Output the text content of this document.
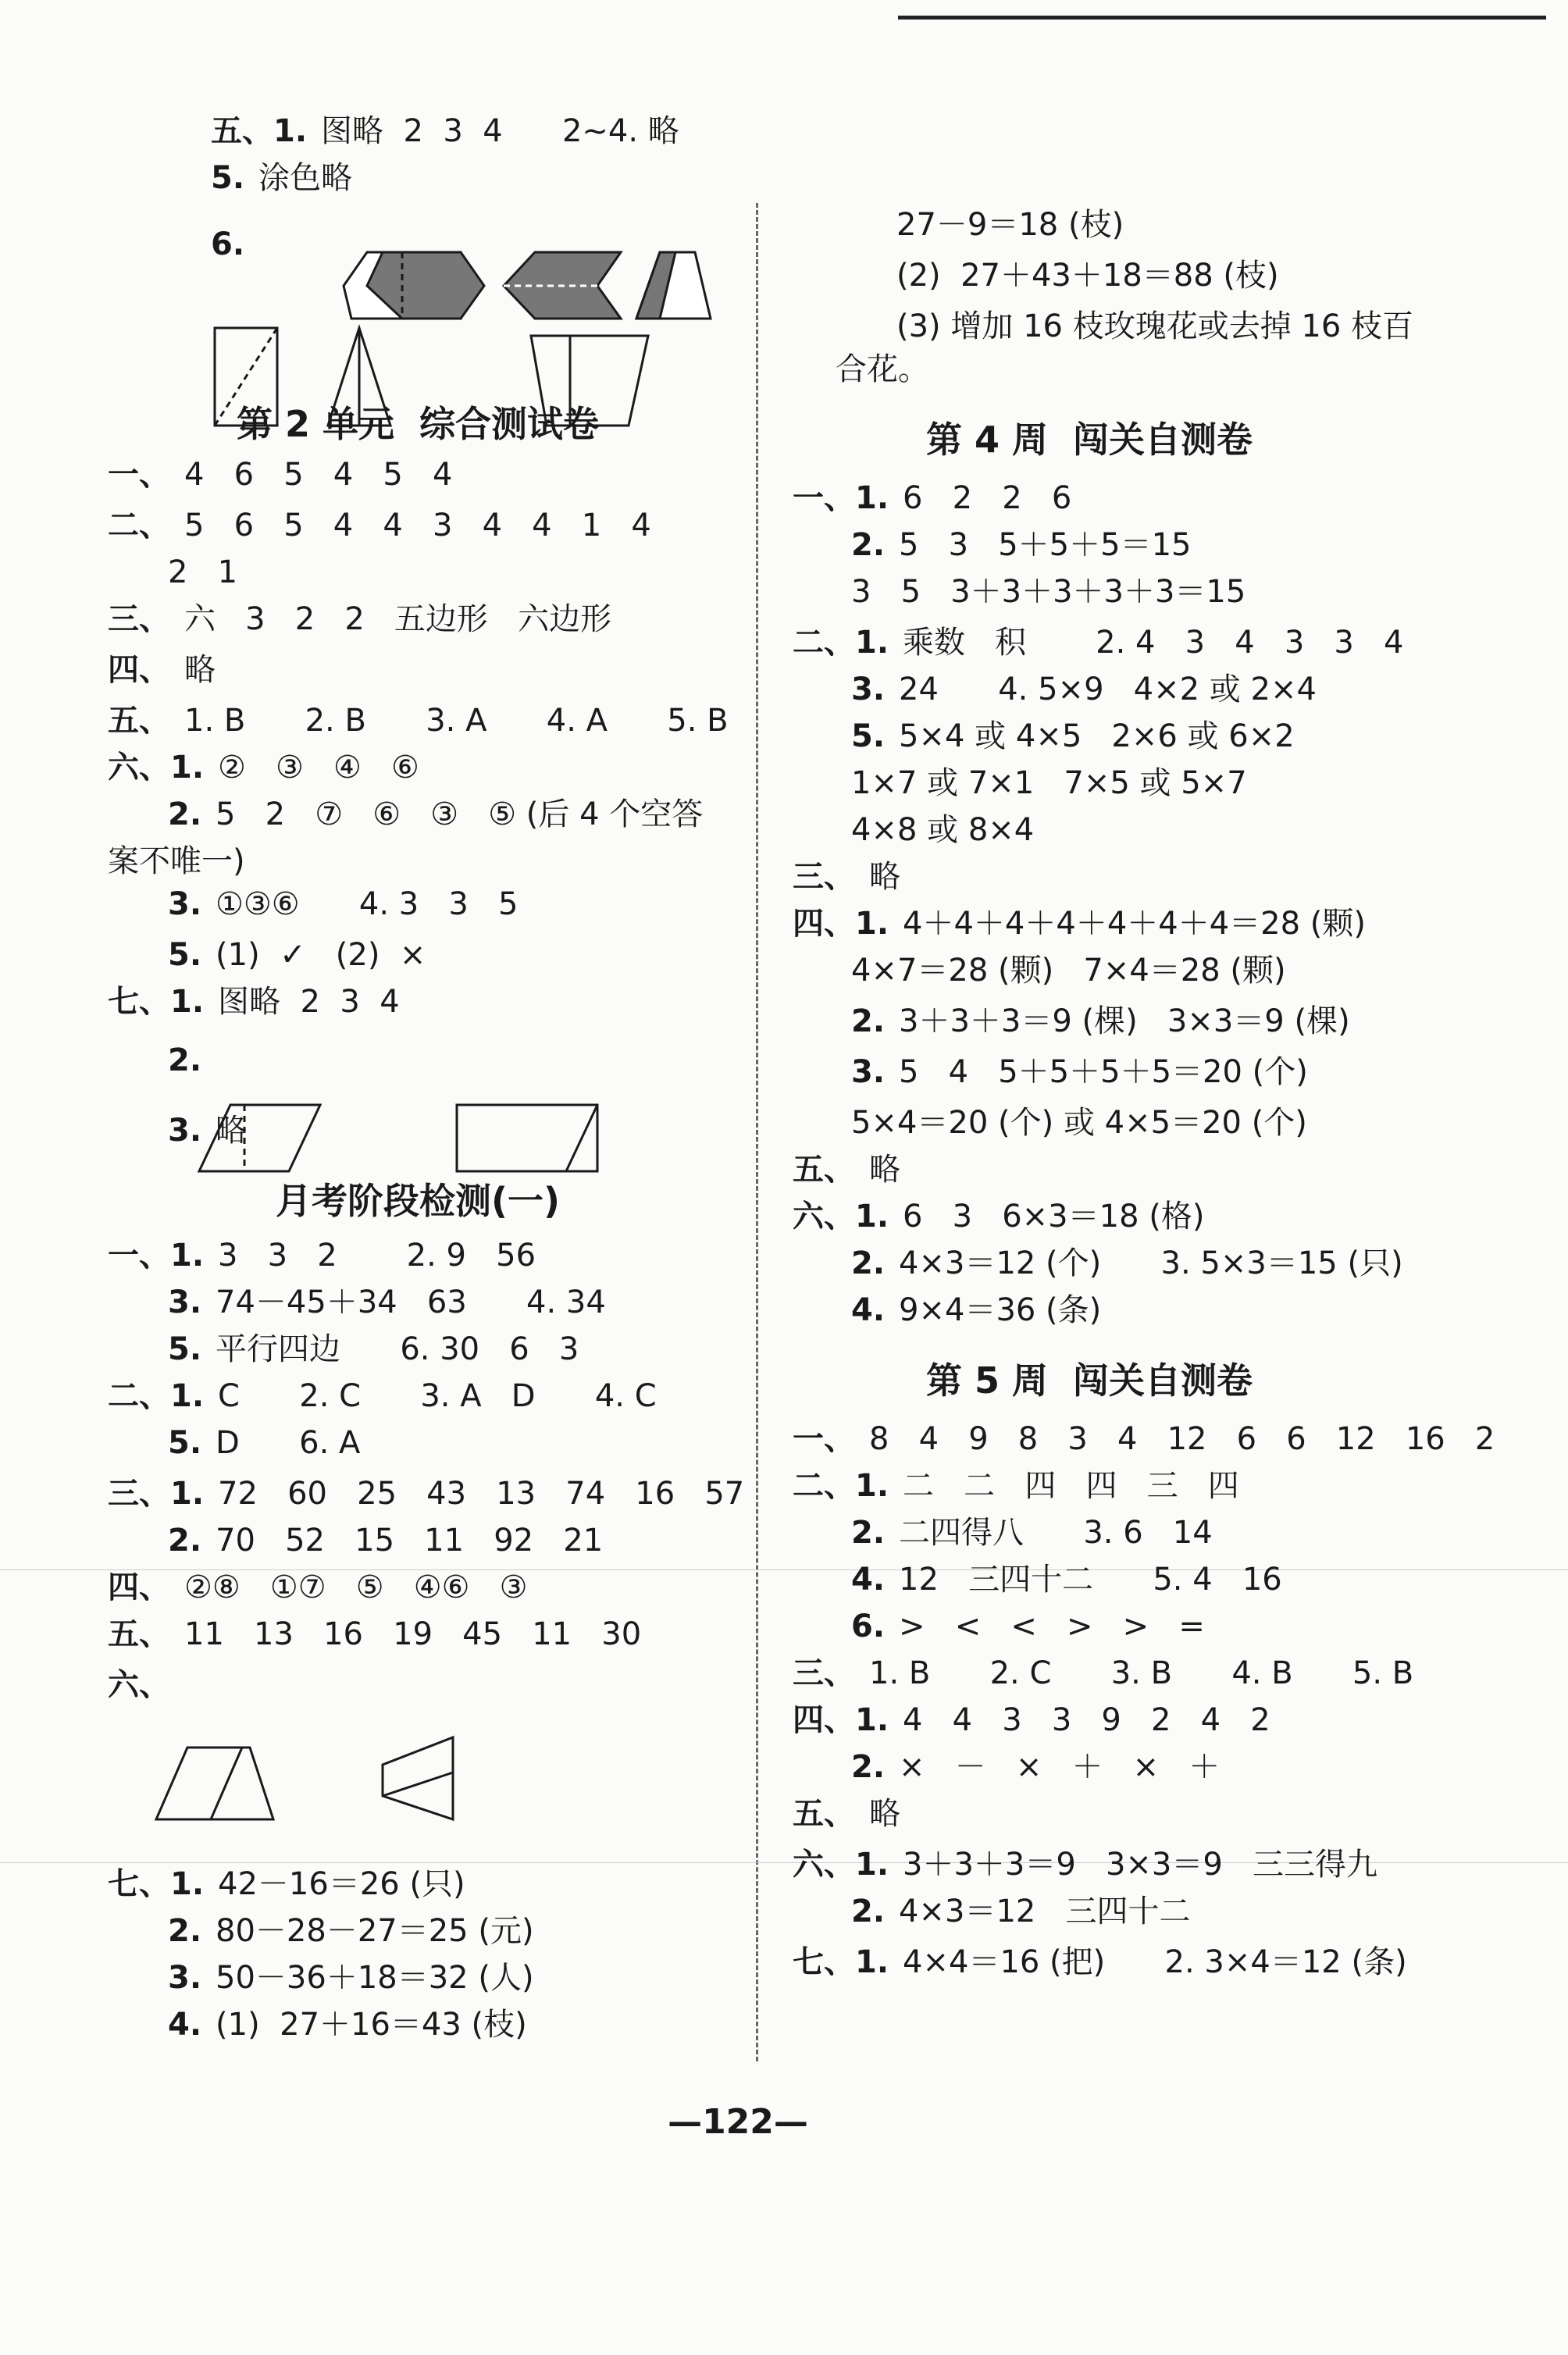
五、1. 图略  2  3  4      2~4. 略
5. 涂色略
6.
第 2 单元  综合测试卷
一、 4   6   5   4   5   4
二、 5   6   5   4   4   3   4   4   1   4
2   1
三、 六   3   2   2   五边形   六边形
四、 略
五、 1. B      2. B      3. A      4. A      5. B
六、1. ②   ③   ④   ⑥
2. 5   2   ⑦   ⑥   ③   ⑤ (后 4 个空答
案不唯一)
3. ①③⑥      4. 3   3   5
5. (1)  ✓   (2)  ×
七、1. 图略  2  3  4
2.
3. 略
月考阶段检测(一)
一、1. 3   3   2       2. 9   56
3. 74－45＋34   63      4. 34
5. 平行四边      6. 30   6   3
二、1. C      2. C      3. A   D      4. C
5. D      6. A
三、1. 72   60   25   43   13   74   16   57
2. 70   52   15   11   92   21
四、 ②⑧   ①⑦   ⑤   ④⑥   ③
五、 11   13   16   19   45   11   30
六、
七、1. 42－16＝26 (只)
2. 80－28－27＝25 (元)
3. 50－36＋18＝32 (人)
4. (1)  27＋16＝43 (枝)
27－9＝18 (枝)
(2)  27＋43＋18＝88 (枝)
(3) 增加 16 枝玫瑰花或去掉 16 枝百
合花。
第 4 周  闯关自测卷
一、1. 6   2   2   6
2. 5   3   5＋5＋5＝15
3   5   3＋3＋3＋3＋3＝15
二、1. 乘数   积       2. 4   3   4   3   3   4
3. 24      4. 5×9   4×2 或 2×4
5. 5×4 或 4×5   2×6 或 6×2
1×7 或 7×1   7×5 或 5×7
4×8 或 8×4
三、 略
四、1. 4＋4＋4＋4＋4＋4＋4＝28 (颗)
4×7＝28 (颗)   7×4＝28 (颗)
2. 3＋3＋3＝9 (棵)   3×3＝9 (棵)
3. 5   4   5＋5＋5＋5＝20 (个)
5×4＝20 (个) 或 4×5＝20 (个)
五、 略
六、1. 6   3   6×3＝18 (格)
2. 4×3＝12 (个)      3. 5×3＝15 (只)
4. 9×4＝36 (条)
第 5 周  闯关自测卷
一、 8   4   9   8   3   4   12   6   6   12   16   2
二、1. 二   二   四   四   三   四
2. 二四得八      3. 6   14
4. 12   三四十二      5. 4   16
6. >   <   <   >   >   =
三、 1. B      2. C      3. B      4. B      5. B
四、1. 4   4   3   3   9   2   4   2
2. ×   －   ×   ＋   ×   ＋
五、 略
六、1. 3＋3＋3＝9   3×3＝9   三三得九
2. 4×3＝12   三四十二
七、1. 4×4＝16 (把)      2. 3×4＝12 (条)
—122—
